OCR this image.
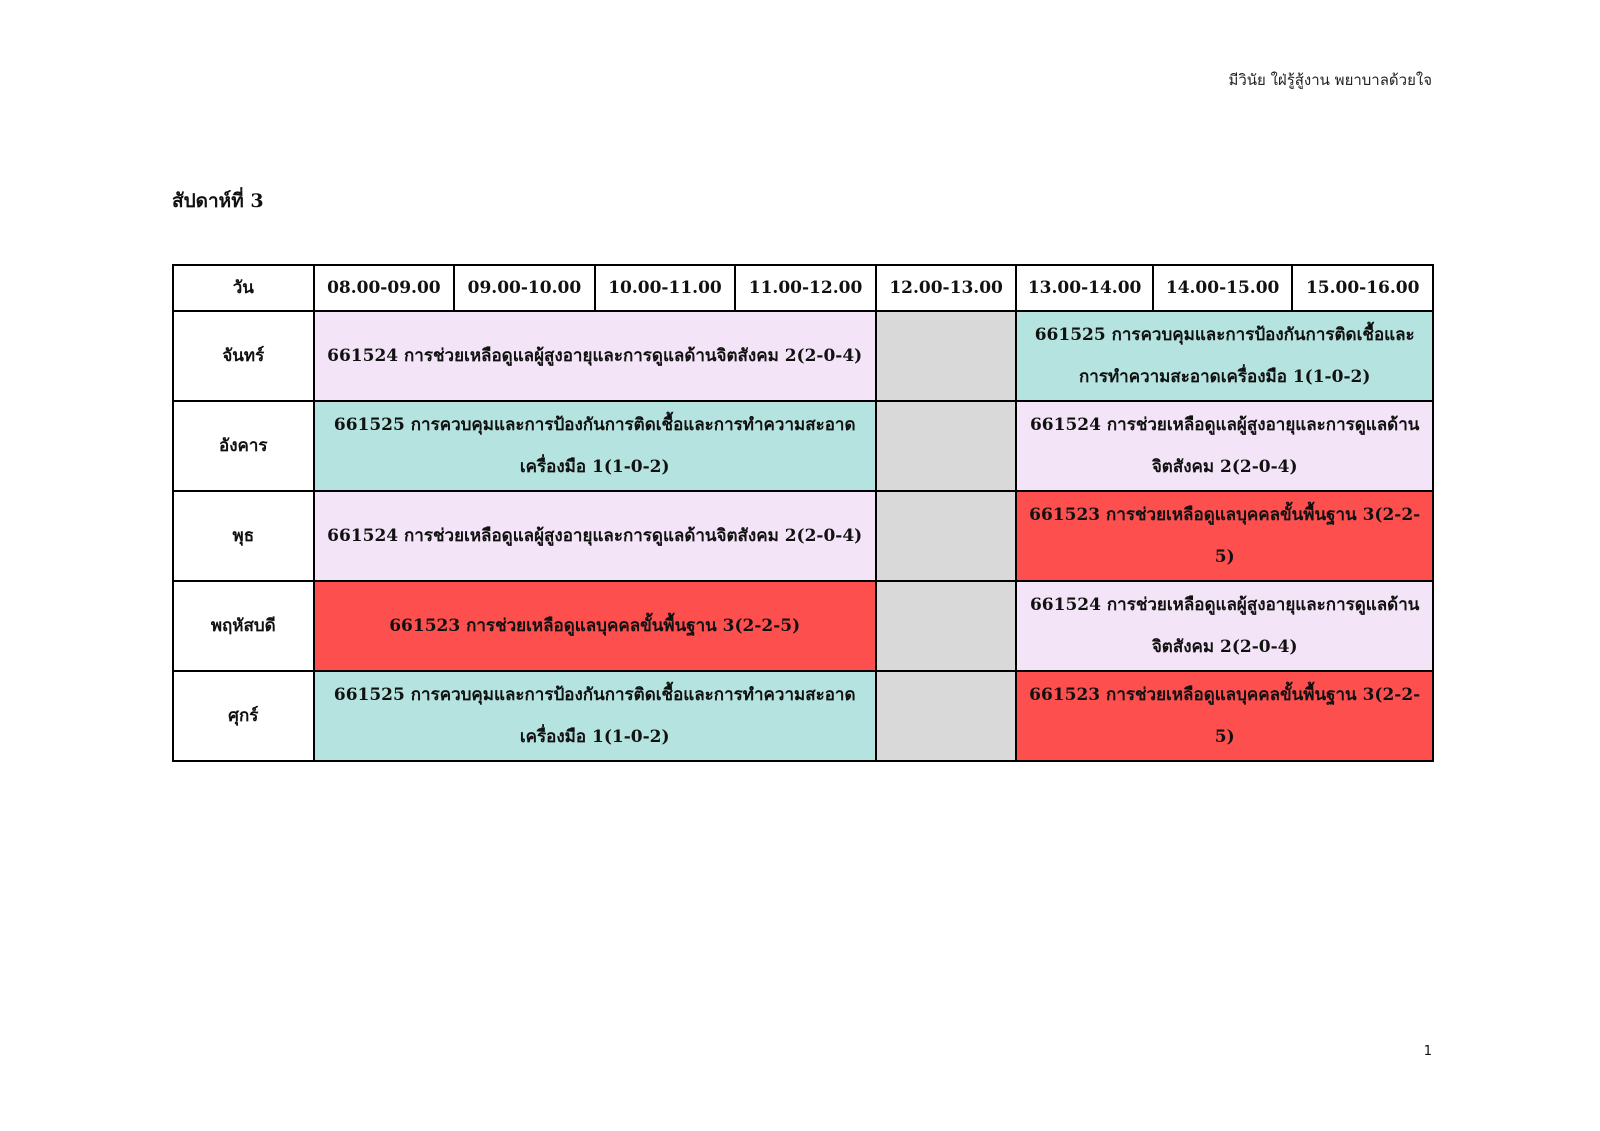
มีวินัย ใฝ่รู้สู้งาน พยาบาลด้วยใจ
สัปดาห์ที่ 3
วัน	08.00-09.00	09.00-10.00	10.00-11.00	11.00-12.00	12.00-13.00	13.00-14.00	14.00-15.00	15.00-16.00
จันทร์	661524 การช่วยเหลือดูแลผู้สูงอายุและการดูแลด้านจิตสังคม 2(2-0-4)					661525 การควบคุมและการป้องกันการติดเชื้อและการทำความสะอาดเครื่องมือ 1(1-0-2)		
อังคาร	661525 การควบคุมและการป้องกันการติดเชื้อและการทำความสะอาดเครื่องมือ 1(1-0-2)					661524 การช่วยเหลือดูแลผู้สูงอายุและการดูแลด้านจิตสังคม 2(2-0-4)		
พุธ	661524 การช่วยเหลือดูแลผู้สูงอายุและการดูแลด้านจิตสังคม 2(2-0-4)					661523 การช่วยเหลือดูแลบุคคลขั้นพื้นฐาน 3(2-2-5)		
พฤหัสบดี	661523 การช่วยเหลือดูแลบุคคลขั้นพื้นฐาน 3(2-2-5)					661524 การช่วยเหลือดูแลผู้สูงอายุและการดูแลด้านจิตสังคม 2(2-0-4)		
ศุกร์	661525 การควบคุมและการป้องกันการติดเชื้อและการทำความสะอาดเครื่องมือ 1(1-0-2)					661523 การช่วยเหลือดูแลบุคคลขั้นพื้นฐาน 3(2-2-5)		
1
